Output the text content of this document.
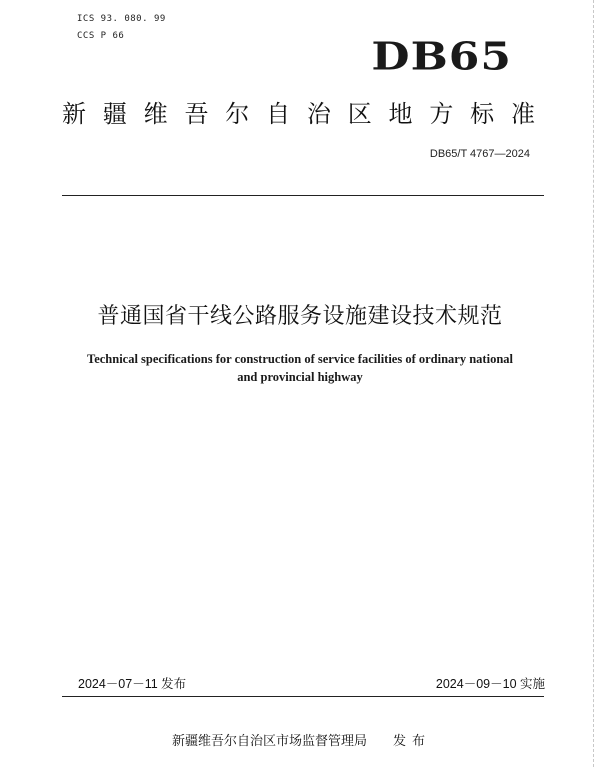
ICS 93. 080. 99
CCS P 66	DB65
新疆维吾尔自治区地方标准
DB65/T 4767—2024
普通国省干线公路服务设施建设技术规范
Technical specifications for construction of service facilities of ordinary national
and provincial highway
2024－07－11 发布	2024－09－10 实施
新疆维吾尔自治区市场监督管理局 发布
